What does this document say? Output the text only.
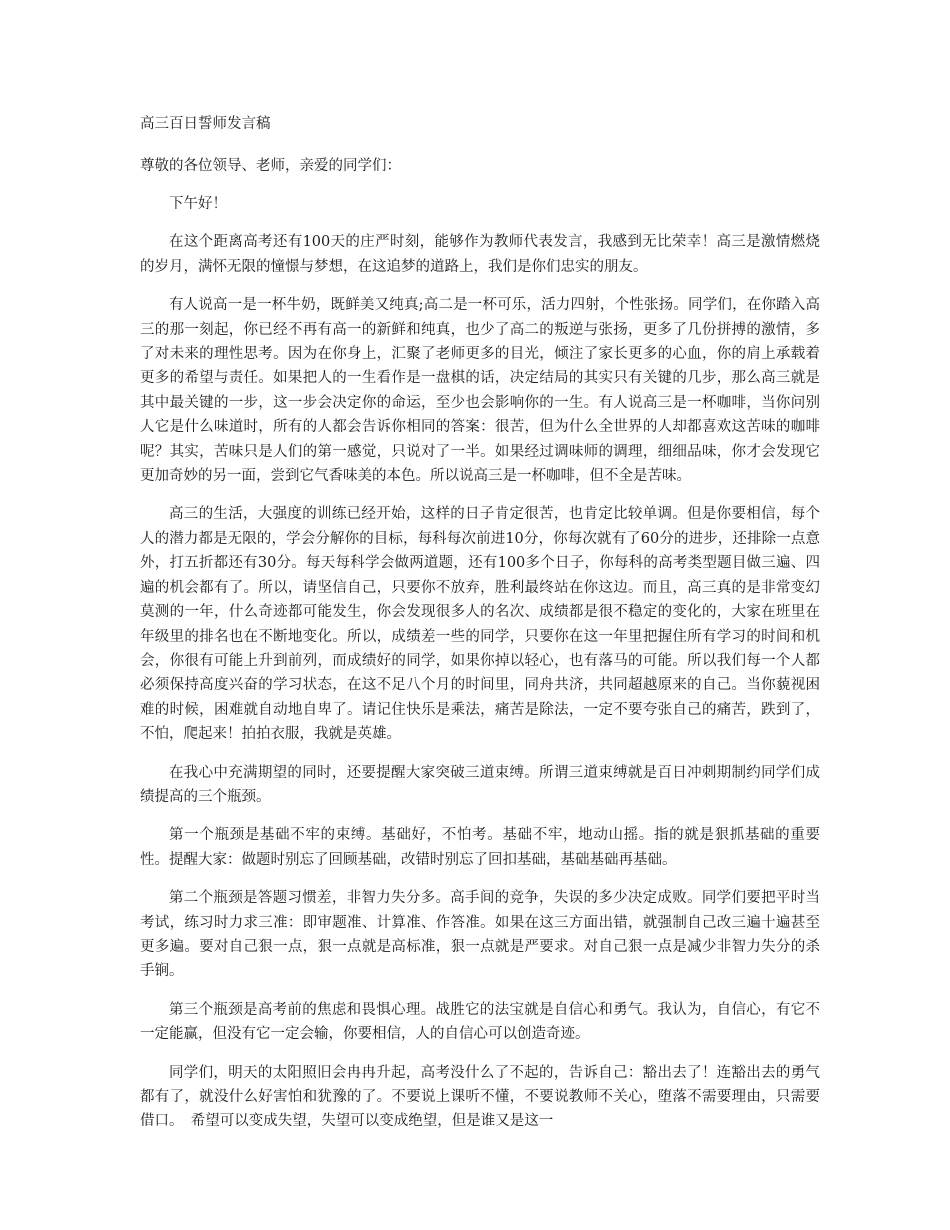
高三百日誓师发言稿
尊敬的各位领导、老师，亲爱的同学们：

下午好！

在这个距离高考还有100天的庄严时刻，能够作为教师代表发言，我感到无比荣幸！高三是激情燃烧的岁月，满怀无限的憧憬与梦想，在这追梦的道路上，我们是你们忠实的朋友。

有人说高一是一杯牛奶，既鲜美又纯真;高二是一杯可乐，活力四射，个性张扬。同学们，在你踏入高三的那一刻起，你已经不再有高一的新鲜和纯真，也少了高二的叛逆与张扬，更多了几份拼搏的激情，多了对未来的理性思考。因为在你身上，汇聚了老师更多的目光，倾注了家长更多的心血，你的肩上承载着更多的希望与责任。如果把人的一生看作是一盘棋的话，决定结局的其实只有关键的几步，那么高三就是其中最关键的一步，这一步会决定你的命运，至少也会影响你的一生。有人说高三是一杯咖啡，当你问别人它是什么味道时，所有的人都会告诉你相同的答案：很苦，但为什么全世界的人却都喜欢这苦味的咖啡呢？其实，苦味只是人们的第一感觉，只说对了一半。如果经过调味师的调理，细细品味，你才会发现它更加奇妙的另一面，尝到它气香味美的本色。所以说高三是一杯咖啡，但不全是苦味。

高三的生活，大强度的训练已经开始，这样的日子肯定很苦，也肯定比较单调。但是你要相信，每个人的潜力都是无限的，学会分解你的目标，每科每次前进10分，你每次就有了60分的进步，还排除一点意外，打五折都还有30分。每天每科学会做两道题，还有100多个日子，你每科的高考类型题目做三遍、四遍的机会都有了。所以，请坚信自己，只要你不放弃，胜利最终站在你这边。而且，高三真的是非常变幻莫测的一年，什么奇迹都可能发生，你会发现很多人的名次、成绩都是很不稳定的变化的，大家在班里在年级里的排名也在不断地变化。所以，成绩差一些的同学，只要你在这一年里把握住所有学习的时间和机会，你很有可能上升到前列，而成绩好的同学，如果你掉以轻心，也有落马的可能。所以我们每一个人都必须保持高度兴奋的学习状态，在这不足八个月的时间里，同舟共济，共同超越原来的自己。当你藐视困难的时候，困难就自动地自卑了。请记住快乐是乘法，痛苦是除法，一定不要夸张自己的痛苦，跌到了，不怕，爬起来！拍拍衣服，我就是英雄。

在我心中充满期望的同时，还要提醒大家突破三道束缚。所谓三道束缚就是百日冲刺期制约同学们成绩提高的三个瓶颈。

第一个瓶颈是基础不牢的束缚。基础好，不怕考。基础不牢，地动山摇。指的就是狠抓基础的重要性。提醒大家：做题时别忘了回顾基础，改错时别忘了回扣基础，基础基础再基础。

第二个瓶颈是答题习惯差，非智力失分多。高手间的竞争，失误的多少决定成败。同学们要把平时当考试，练习时力求三准：即审题准、计算准、作答准。如果在这三方面出错，就强制自己改三遍十遍甚至更多遍。要对自己狠一点，狠一点就是高标准，狠一点就是严要求。对自己狠一点是减少非智力失分的杀手锏。

第三个瓶颈是高考前的焦虑和畏惧心理。战胜它的法宝就是自信心和勇气。我认为，自信心，有它不一定能赢，但没有它一定会输，你要相信，人的自信心可以创造奇迹。

同学们，明天的太阳照旧会冉冉升起，高考没什么了不起的，告诉自己：豁出去了！连豁出去的勇气都有了，就没什么好害怕和犹豫的了。不要说上课听不懂，不要说教师不关心，堕落不需要理由，只需要借口。　希望可以变成失望，失望可以变成绝望，但是谁又是这一
